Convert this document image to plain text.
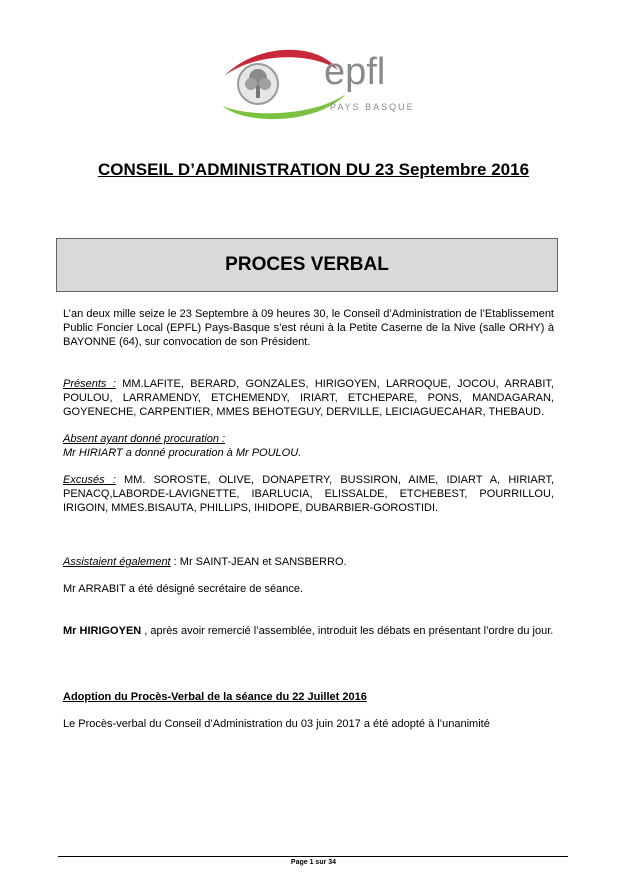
epfl
PAYS BASQUE
CONSEIL D’ADMINISTRATION DU 23 Septembre 2016
PROCES VERBAL

L’an deux mille seize le 23 Septembre à 09 heures 30, le Conseil d’Administration de l’Etablissement Public Foncier Local (EPFL) Pays-Basque s’est réuni à la Petite Caserne de la Nive (salle ORHY) à BAYONNE (64), sur convocation de son Président.

Présents : MM.LAFITE, BERARD, GONZALES, HIRIGOYEN, LARROQUE, JOCOU, ARRABIT, POULOU, LARRAMENDY, ETCHEMENDY, IRIART, ETCHEPARE, PONS, MANDAGARAN, GOYENECHE, CARPENTIER, MMES BEHOTEGUY, DERVILLE, LEICIAGUECAHAR, THEBAUD.

Absent ayant donné procuration :
Mr HIRIART a donné procuration à Mr POULOU.

Excusés : MM. SOROSTE, OLIVE, DONAPETRY, BUSSIRON, AIME, IDIART A, HIRIART, PENACQ,LABORDE-LAVIGNETTE, IBARLUCIA, ELISSALDE, ETCHEBEST, POURRILLOU, IRIGOIN, MMES.BISAUTA, PHILLIPS, IHIDOPE, DUBARBIER-GOROSTIDI.

Assistaient également : Mr SAINT-JEAN et SANSBERRO.

Mr ARRABIT a été désigné secrétaire de séance.

Mr HIRIGOYEN , après avoir remercié l’assemblée, introduit les débats en présentant l’ordre du jour.

Adoption du Procès-Verbal de la séance du 22 Juillet 2016

Le Procès-verbal du Conseil d’Administration du 03 juin 2017 a été adopté à l’unanimité

Page 1 sur 34
